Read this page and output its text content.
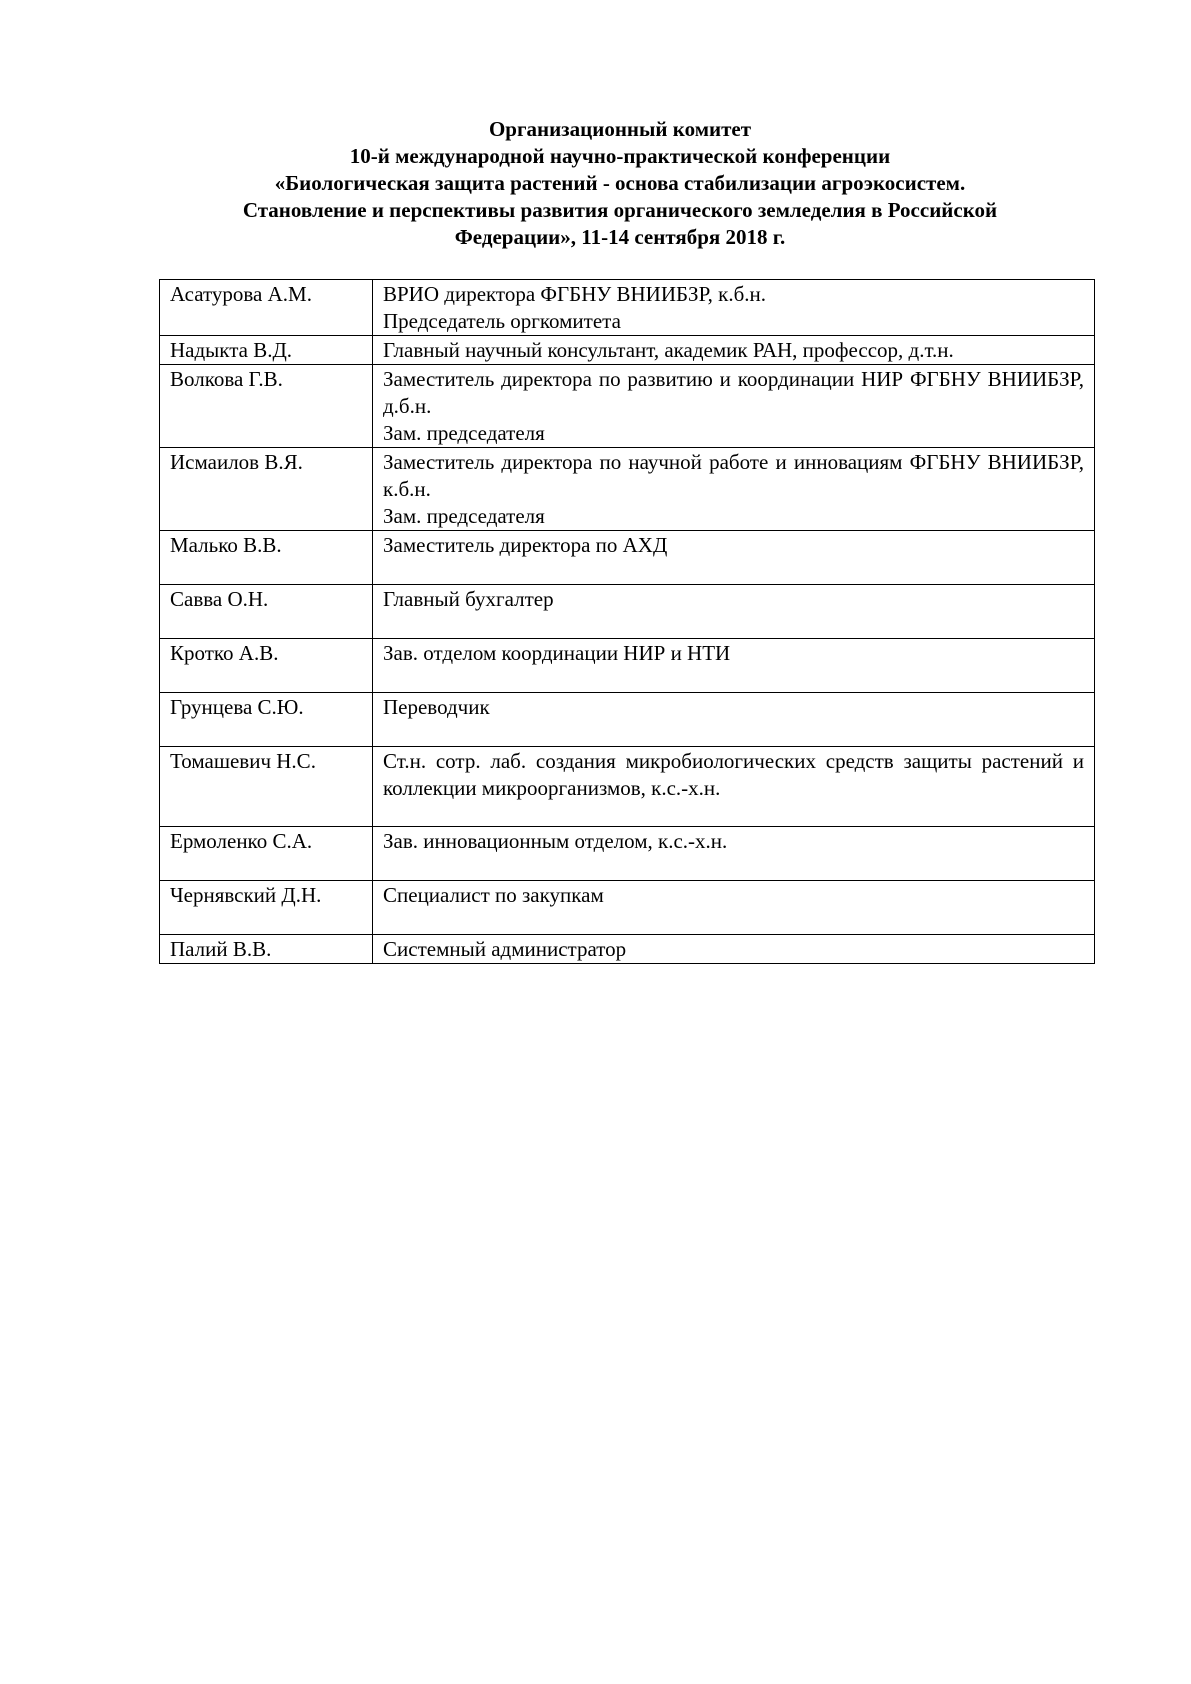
Организационный комитет
10-й международной научно-практической конференции
«Биологическая защита растений - основа стабилизации агроэкосистем.
Становление и перспективы развития органического земледелия в Российской
Федерации», 11-14 сентября 2018 г.
Асатурова А.М.	ВРИО директора ФГБНУ ВНИИБЗР, к.б.н.
Председатель оргкомитета

Надыкта В.Д.	Главный научный консультант, академик РАН, профессор, д.т.н.

Волкова Г.В.	Заместитель директора по развитию и координации НИР ФГБНУ ВНИИБЗР, д.б.н.
Зам. председателя

Исмаилов В.Я.	Заместитель директора по научной работе и инновациям ФГБНУ ВНИИБЗР, к.б.н.
Зам. председателя

Малько В.В.	Заместитель директора по АХД

Савва О.Н.	Главный бухгалтер

Кротко А.В.	Зав. отделом координации НИР и НТИ

Грунцева С.Ю.	Переводчик

Томашевич Н.С.	Ст.н. сотр. лаб. создания микробиологических средств защиты растений и коллекции микроорганизмов, к.с.-х.н.

Ермоленко С.А.	Зав. инновационным отделом, к.с.-х.н.

Чернявский Д.Н.	Специалист по закупкам

Палий В.В.	Системный администратор
